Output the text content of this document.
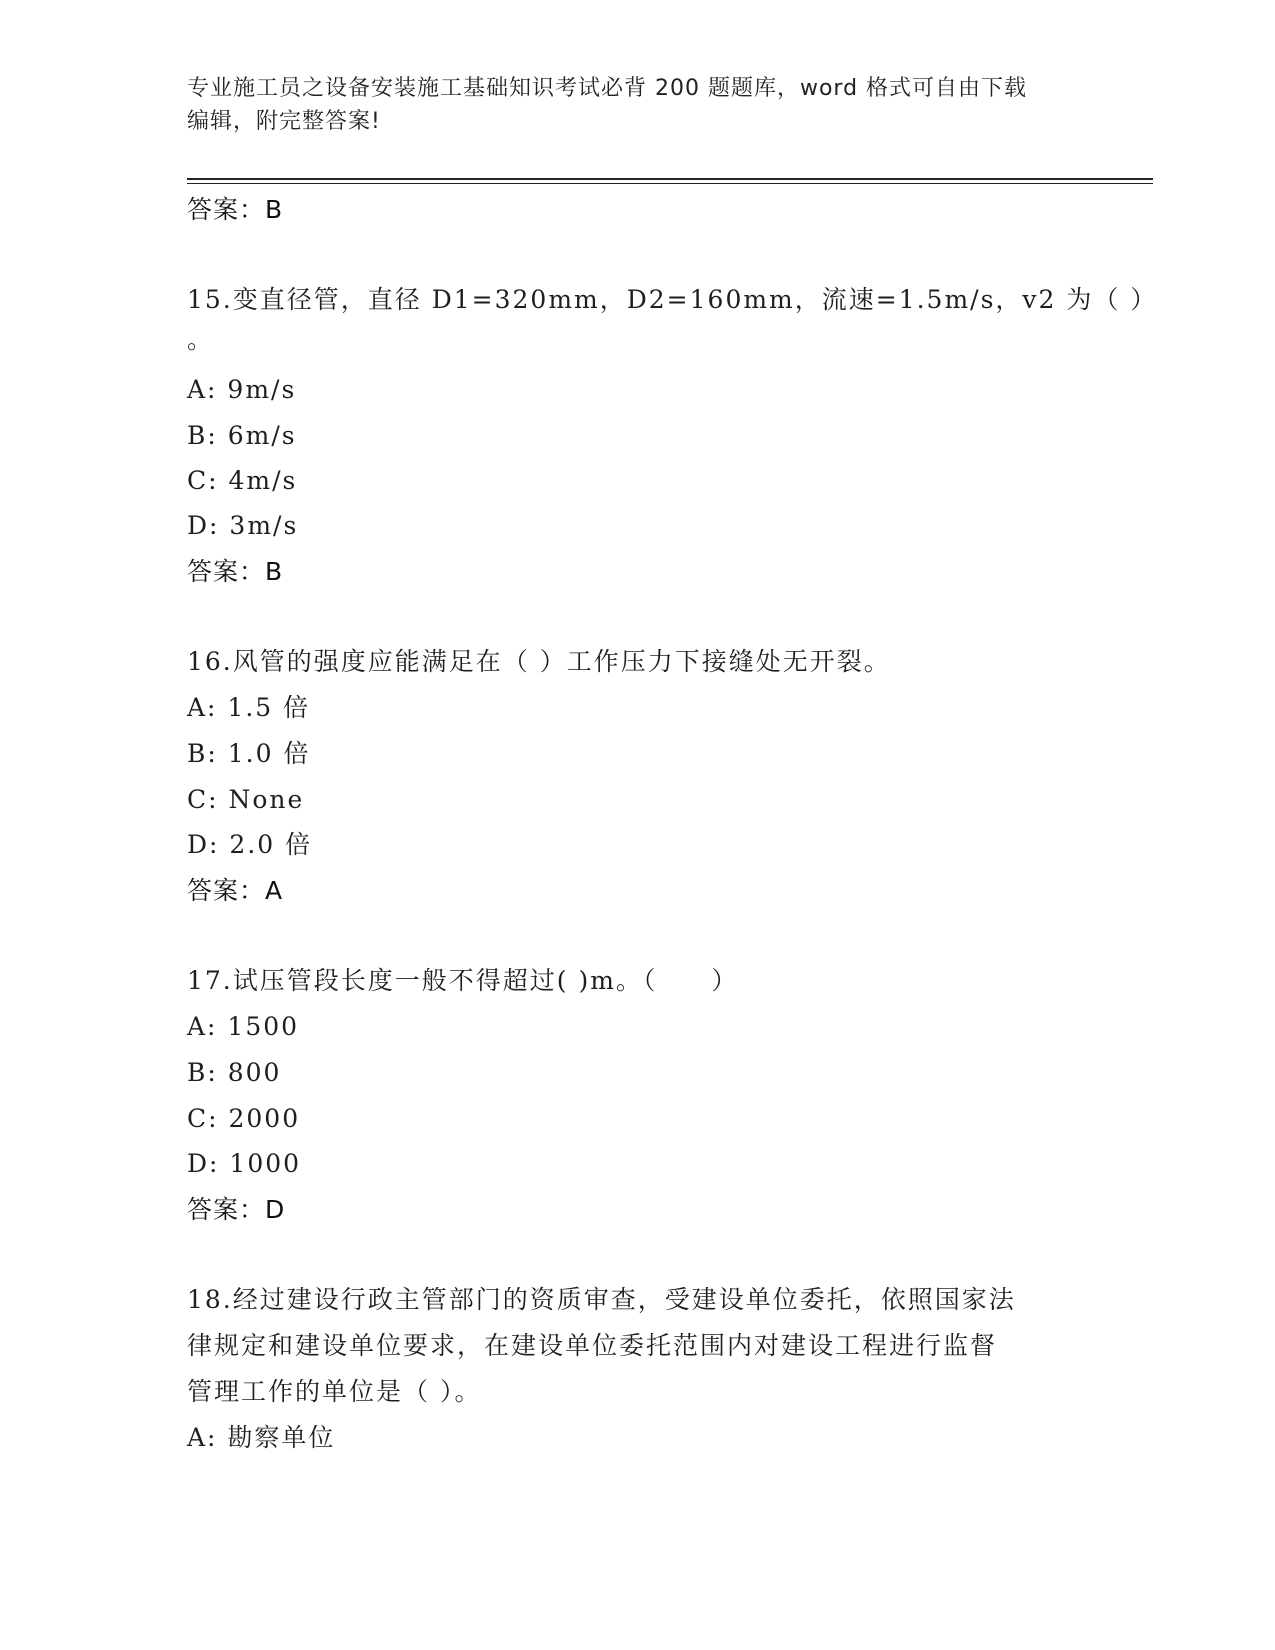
专业施工员之设备安装施工基础知识考试必背 200 题题库，word 格式可自由下载
编辑，附完整答案!
答案：B
15.变直径管，直径 D1=320mm，D2=160mm，流速=1.5m/s，v2 为（ ）
。
A: 9m/s
B: 6m/s
C: 4m/s
D: 3m/s
答案：B
16.风管的强度应能满足在（ ）工作压力下接缝处无开裂。
A: 1.5 倍
B: 1.0 倍
C: None
D: 2.0 倍
答案：A
17.试压管段长度一般不得超过( )m。（　　）
A: 1500
B: 800
C: 2000
D: 1000
答案：D
18.经过建设行政主管部门的资质审查，受建设单位委托，依照国家法
律规定和建设单位要求，在建设单位委托范围内对建设工程进行监督
管理工作的单位是（ ）。
A: 勘察单位
